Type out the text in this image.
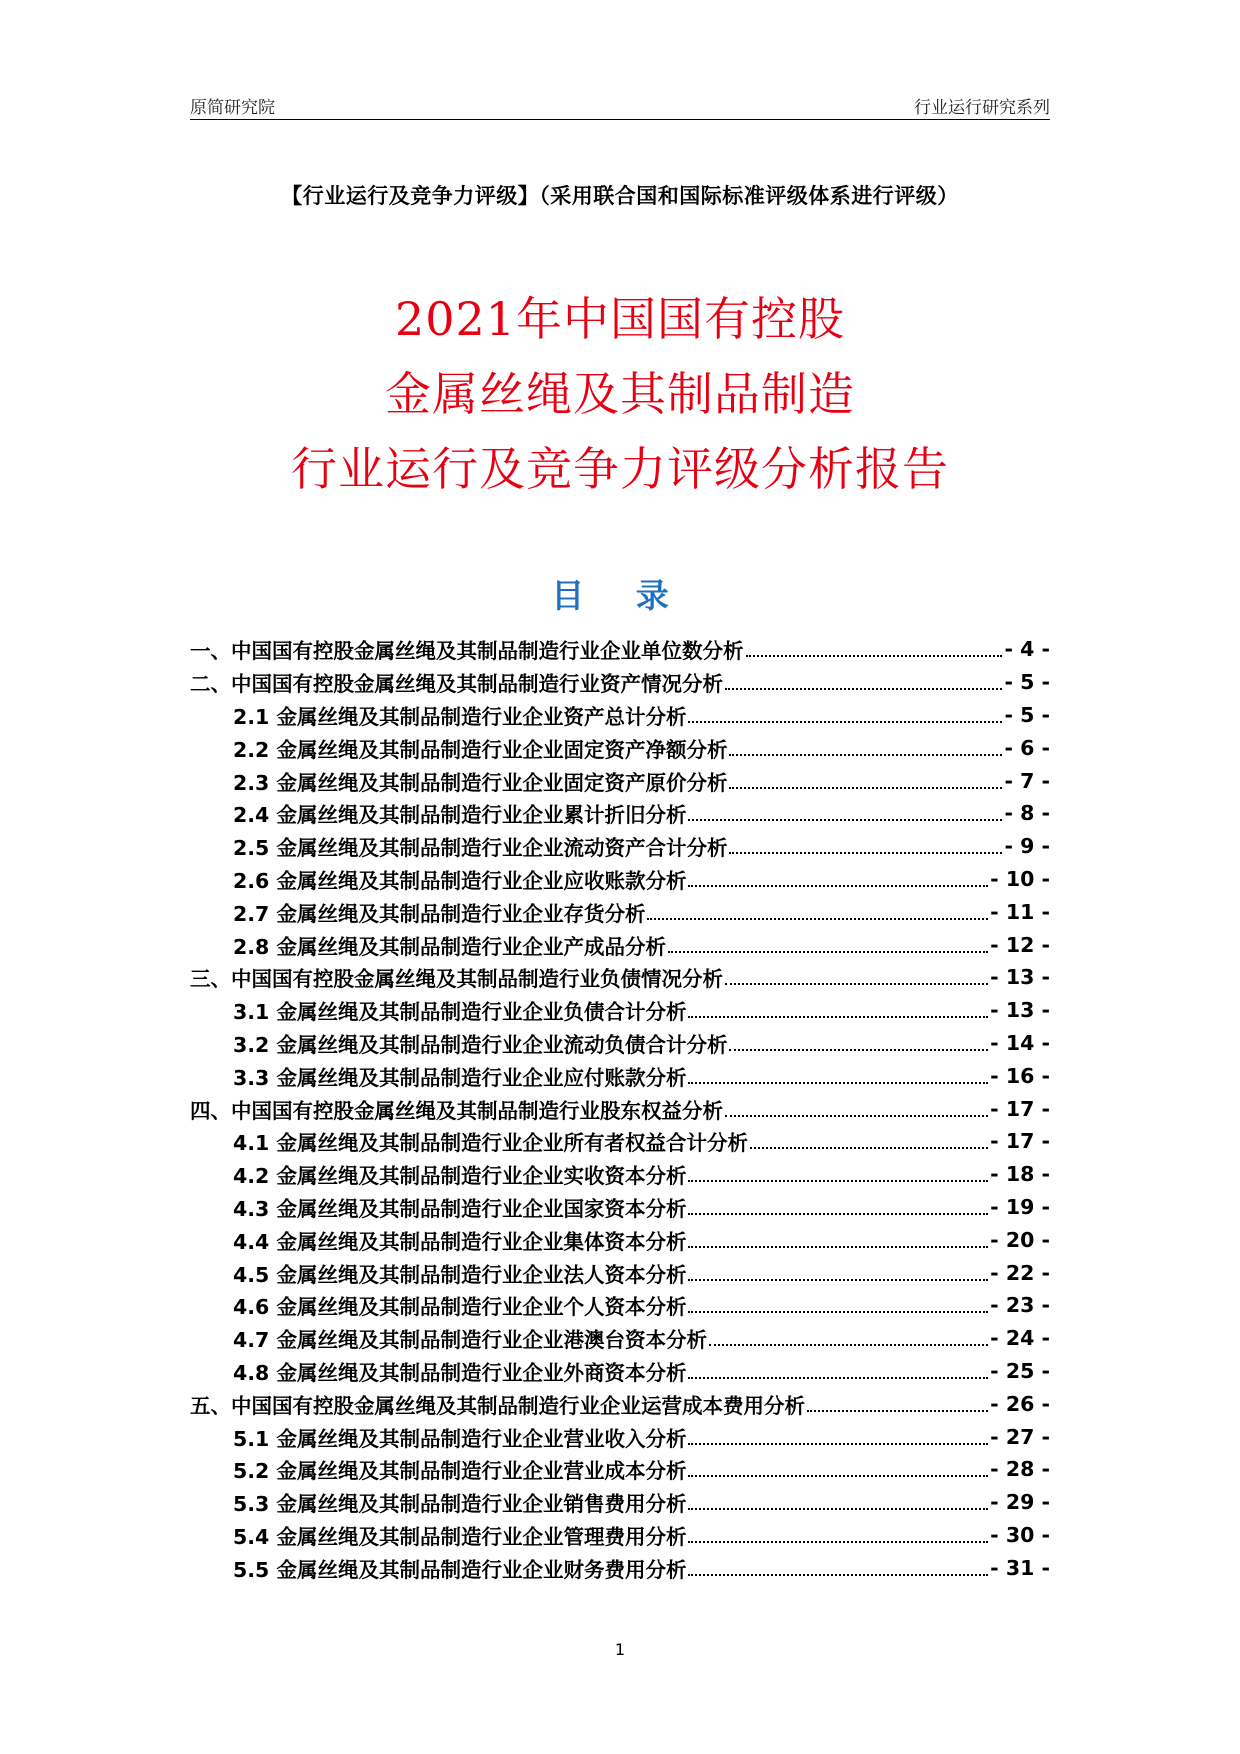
原简研究院	行业运行研究系列
【行业运行及竞争力评级】（采用联合国和国际标准评级体系进行评级）
2021年中国国有控股
金属丝绳及其制品制造
行业运行及竞争力评级分析报告
目 录
一、中国国有控股金属丝绳及其制品制造行业企业单位数分析	- 4 -
二、中国国有控股金属丝绳及其制品制造行业资产情况分析	- 5 -
2.1 金属丝绳及其制品制造行业企业资产总计分析	- 5 -
2.2 金属丝绳及其制品制造行业企业固定资产净额分析	- 6 -
2.3 金属丝绳及其制品制造行业企业固定资产原价分析	- 7 -
2.4 金属丝绳及其制品制造行业企业累计折旧分析	- 8 -
2.5 金属丝绳及其制品制造行业企业流动资产合计分析	- 9 -
2.6 金属丝绳及其制品制造行业企业应收账款分析	- 10 -
2.7 金属丝绳及其制品制造行业企业存货分析	- 11 -
2.8 金属丝绳及其制品制造行业企业产成品分析	- 12 -
三、中国国有控股金属丝绳及其制品制造行业负债情况分析	- 13 -
3.1 金属丝绳及其制品制造行业企业负债合计分析	- 13 -
3.2 金属丝绳及其制品制造行业企业流动负债合计分析	- 14 -
3.3 金属丝绳及其制品制造行业企业应付账款分析	- 16 -
四、中国国有控股金属丝绳及其制品制造行业股东权益分析	- 17 -
4.1 金属丝绳及其制品制造行业企业所有者权益合计分析	- 17 -
4.2 金属丝绳及其制品制造行业企业实收资本分析	- 18 -
4.3 金属丝绳及其制品制造行业企业国家资本分析	- 19 -
4.4 金属丝绳及其制品制造行业企业集体资本分析	- 20 -
4.5 金属丝绳及其制品制造行业企业法人资本分析	- 22 -
4.6 金属丝绳及其制品制造行业企业个人资本分析	- 23 -
4.7 金属丝绳及其制品制造行业企业港澳台资本分析	- 24 -
4.8 金属丝绳及其制品制造行业企业外商资本分析	- 25 -
五、中国国有控股金属丝绳及其制品制造行业企业运营成本费用分析	- 26 -
5.1 金属丝绳及其制品制造行业企业营业收入分析	- 27 -
5.2 金属丝绳及其制品制造行业企业营业成本分析	- 28 -
5.3 金属丝绳及其制品制造行业企业销售费用分析	- 29 -
5.4 金属丝绳及其制品制造行业企业管理费用分析	- 30 -
5.5 金属丝绳及其制品制造行业企业财务费用分析	- 31 -
1
